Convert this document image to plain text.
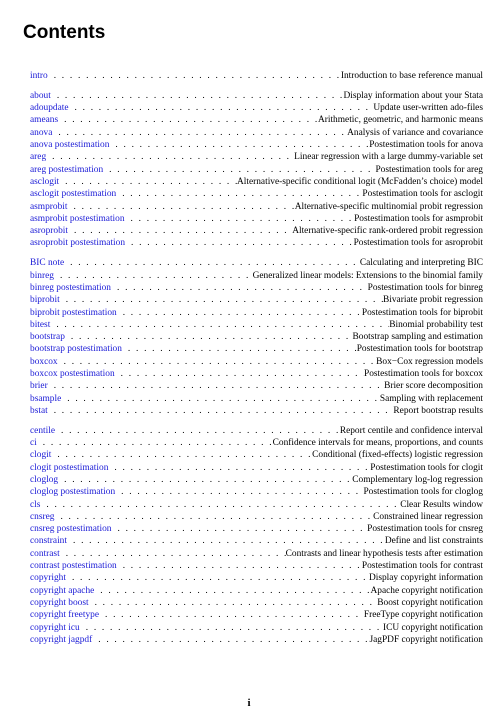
Contents
intro . . .	Introduction to base reference manual
about . . .	Display information about your Stata
adoupdate . . .	Update user-written ado-files
ameans . . .	Arithmetic, geometric, and harmonic means
anova . . .	Analysis of variance and covariance
anova postestimation . . .	Postestimation tools for anova
areg . . .	Linear regression with a large dummy-variable set
areg postestimation . . .	Postestimation tools for areg
asclogit . . .	Alternative-specific conditional logit (McFadden’s choice) model
asclogit postestimation . . .	Postestimation tools for asclogit
asmprobit . . .	Alternative-specific multinomial probit regression
asmprobit postestimation . . .	Postestimation tools for asmprobit
asroprobit . . .	Alternative-specific rank-ordered probit regression
asroprobit postestimation . . .	Postestimation tools for asroprobit
BIC note . . .	Calculating and interpreting BIC
binreg . . .	Generalized linear models: Extensions to the binomial family
binreg postestimation . . .	Postestimation tools for binreg
biprobit . . .	Bivariate probit regression
biprobit postestimation . . .	Postestimation tools for biprobit
bitest . . .	Binomial probability test
bootstrap . . .	Bootstrap sampling and estimation
bootstrap postestimation . . .	Postestimation tools for bootstrap
boxcox . . .	Box−Cox regression models
boxcox postestimation . . .	Postestimation tools for boxcox
brier . . .	Brier score decomposition
bsample . . .	Sampling with replacement
bstat . . .	Report bootstrap results
centile . . .	Report centile and confidence interval
ci . . .	Confidence intervals for means, proportions, and counts
clogit . . .	Conditional (fixed-effects) logistic regression
clogit postestimation . . .	Postestimation tools for clogit
cloglog . . .	Complementary log-log regression
cloglog postestimation . . .	Postestimation tools for cloglog
cls . . .	Clear Results window
cnsreg . . .	Constrained linear regression
cnsreg postestimation . . .	Postestimation tools for cnsreg
constraint . . .	Define and list constraints
contrast . . .	Contrasts and linear hypothesis tests after estimation
contrast postestimation . . .	Postestimation tools for contrast
copyright . . .	Display copyright information
copyright apache . . .	Apache copyright notification
copyright boost . . .	Boost copyright notification
copyright freetype . . .	FreeType copyright notification
copyright icu . . .	ICU copyright notification
copyright jagpdf . . .	JagPDF copyright notification
i
